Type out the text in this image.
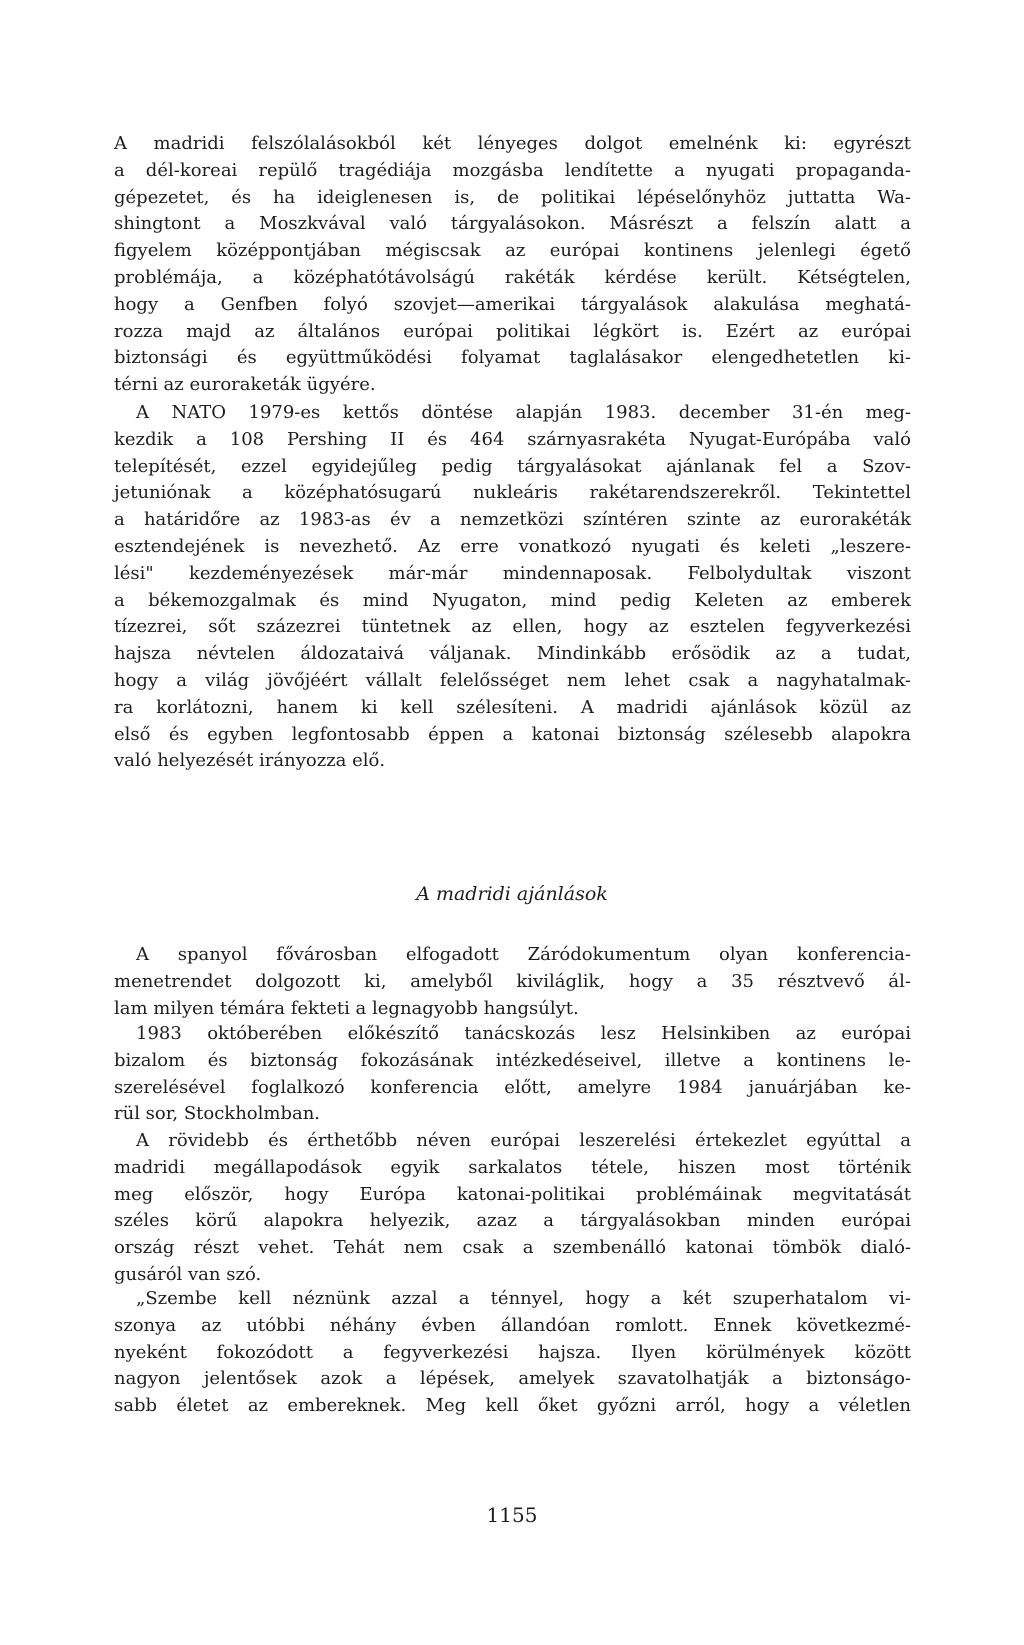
A madridi felszólalásokból két lényeges dolgot emelnénk ki: egyrészt
a dél-koreai repülő tragédiája mozgásba lendítette a nyugati propaganda-
gépezetet, és ha ideiglenesen is, de politikai lépéselőnyhöz juttatta Wa-
shingtont a Moszkvával való tárgyalásokon. Másrészt a felszín alatt a
figyelem középpontjában mégiscsak az európai kontinens jelenlegi égető
problémája, a középhatótávolságú rakéták kérdése került. Kétségtelen,
hogy a Genfben folyó szovjet—amerikai tárgyalások alakulása meghatá-
rozza majd az általános európai politikai légkört is. Ezért az európai
biztonsági és együttműködési folyamat taglalásakor elengedhetetlen ki-
térni az euroraketák ügyére.
A NATO 1979-es kettős döntése alapján 1983. december 31-én meg-
kezdik a 108 Pershing II és 464 szárnyasrakéta Nyugat-Európába való
telepítését, ezzel egyidejűleg pedig tárgyalásokat ajánlanak fel a Szov-
jetuniónak a középhatósugarú nukleáris rakétarendszerekről. Tekintettel
a határidőre az 1983-as év a nemzetközi színtéren szinte az eurorakéták
esztendejének is nevezhető. Az erre vonatkozó nyugati és keleti „leszere-
lési" kezdeményezések már-már mindennaposak. Felbolydultak viszont
a békemozgalmak és mind Nyugaton, mind pedig Keleten az emberek
tízezrei, sőt százezrei tüntetnek az ellen, hogy az esztelen fegyverkezési
hajsza névtelen áldozataivá váljanak. Mindinkább erősödik az a tudat,
hogy a világ jövőjéért vállalt felelősséget nem lehet csak a nagyhatalmak-
ra korlátozni, hanem ki kell szélesíteni. A madridi ajánlások közül az
első és egyben legfontosabb éppen a katonai biztonság szélesebb alapokra
való helyezését irányozza elő.
A madridi ajánlások
A spanyol fővárosban elfogadott Záródokumentum olyan konferencia-
menetrendet dolgozott ki, amelyből kiviláglik, hogy a 35 résztvevő ál-
lam milyen témára fekteti a legnagyobb hangsúlyt.
1983 októberében előkészítő tanácskozás lesz Helsinkiben az európai
bizalom és biztonság fokozásának intézkedéseivel, illetve a kontinens le-
szerelésével foglalkozó konferencia előtt, amelyre 1984 januárjában ke-
rül sor, Stockholmban.
A rövidebb és érthetőbb néven európai leszerelési értekezlet egyúttal a
madridi megállapodások egyik sarkalatos tétele, hiszen most történik
meg először, hogy Európa katonai-politikai problémáinak megvitatását
széles körű alapokra helyezik, azaz a tárgyalásokban minden európai
ország részt vehet. Tehát nem csak a szembenálló katonai tömbök dialó-
gusáról van szó.
„Szembe kell néznünk azzal a ténnyel, hogy a két szuperhatalom vi-
szonya az utóbbi néhány évben állandóan romlott. Ennek következmé-
nyeként fokozódott a fegyverkezési hajsza. Ilyen körülmények között
nagyon jelentősek azok a lépések, amelyek szavatolhatják a biztonságo-
sabb életet az embereknek. Meg kell őket győzni arról, hogy a véletlen
1155
